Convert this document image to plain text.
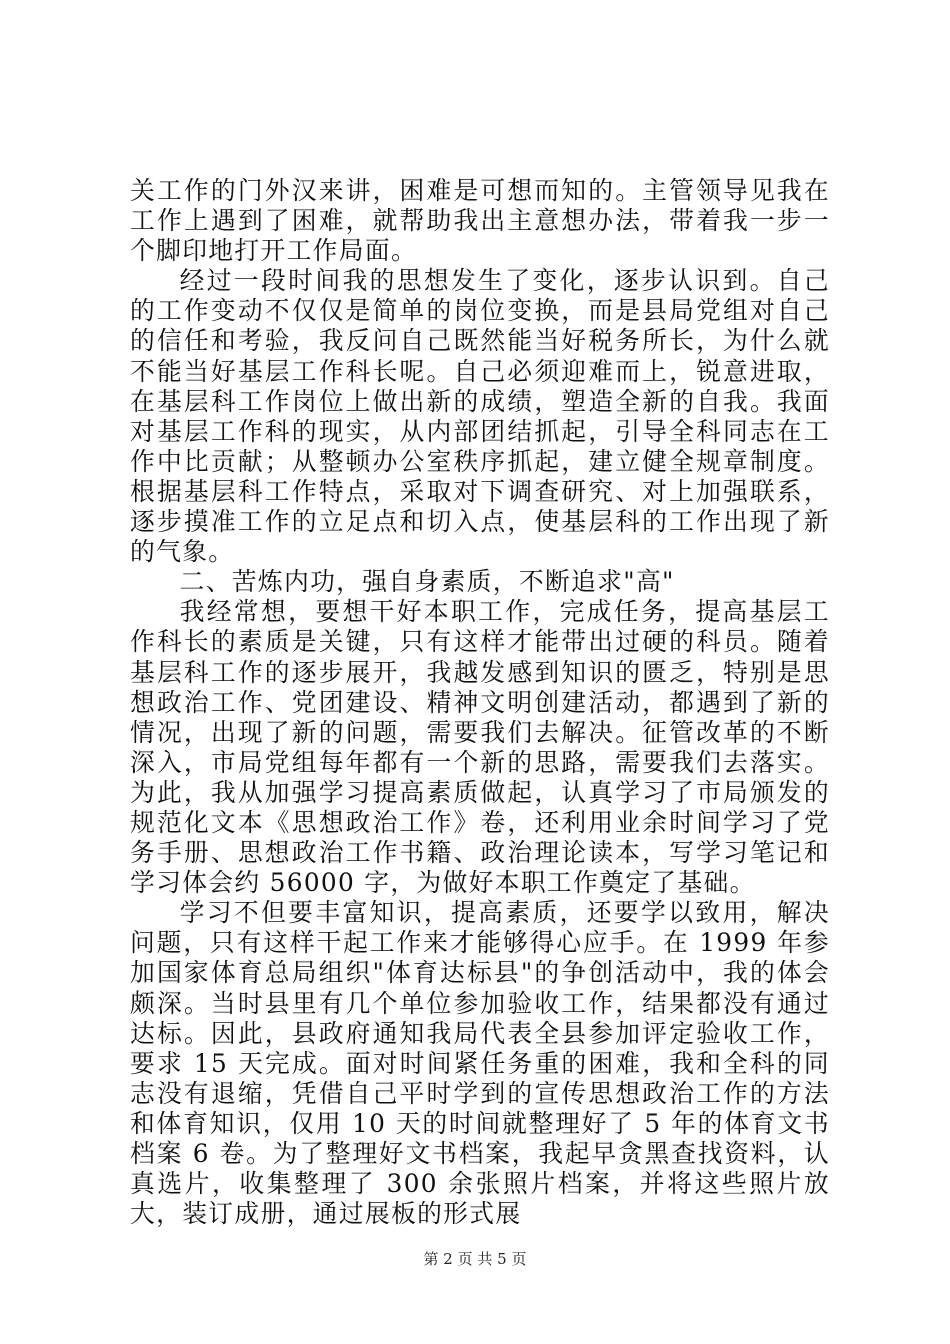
关工作的门外汉来讲，困难是可想而知的。主管领导见我在工作上遇到了困难，就帮助我出主意想办法，带着我一步一个脚印地打开工作局面。

经过一段时间我的思想发生了变化，逐步认识到。自己的工作变动不仅仅是简单的岗位变换，而是县局党组对自己的信任和考验，我反问自己既然能当好税务所长，为什么就不能当好基层工作科长呢。自己必须迎难而上，锐意进取，在基层科工作岗位上做出新的成绩，塑造全新的自我。我面对基层工作科的现实，从内部团结抓起，引导全科同志在工作中比贡献；从整顿办公室秩序抓起，建立健全规章制度。根据基层科工作特点，采取对下调查研究、对上加强联系，逐步摸准工作的立足点和切入点，使基层科的工作出现了新的气象。

二、苦炼内功，强自身素质，不断追求"高"

我经常想，要想干好本职工作，完成任务，提高基层工作科长的素质是关键，只有这样才能带出过硬的科员。随着基层科工作的逐步展开，我越发感到知识的匮乏，特别是思想政治工作、党团建设、精神文明创建活动，都遇到了新的情况，出现了新的问题，需要我们去解决。征管改革的不断深入，市局党组每年都有一个新的思路，需要我们去落实。为此，我从加强学习提高素质做起，认真学习了市局颁发的规范化文本《思想政治工作》卷，还利用业余时间学习了党务手册、思想政治工作书籍、政治理论读本，写学习笔记和学习体会约 56000 字，为做好本职工作奠定了基础。

学习不但要丰富知识，提高素质，还要学以致用，解决问题，只有这样干起工作来才能够得心应手。在 1999 年参加国家体育总局组织"体育达标县"的争创活动中，我的体会颇深。当时县里有几个单位参加验收工作，结果都没有通过达标。因此，县政府通知我局代表全县参加评定验收工作，要求 15 天完成。面对时间紧任务重的困难，我和全科的同志没有退缩，凭借自己平时学到的宣传思想政治工作的方法和体育知识，仅用 10 天的时间就整理好了 5 年的体育文书档案 6 卷。为了整理好文书档案，我起早贪黑查找资料，认真选片，收集整理了 300 余张照片档案，并将这些照片放大，装订成册，通过展板的形式展

第 2 页 共 5 页
